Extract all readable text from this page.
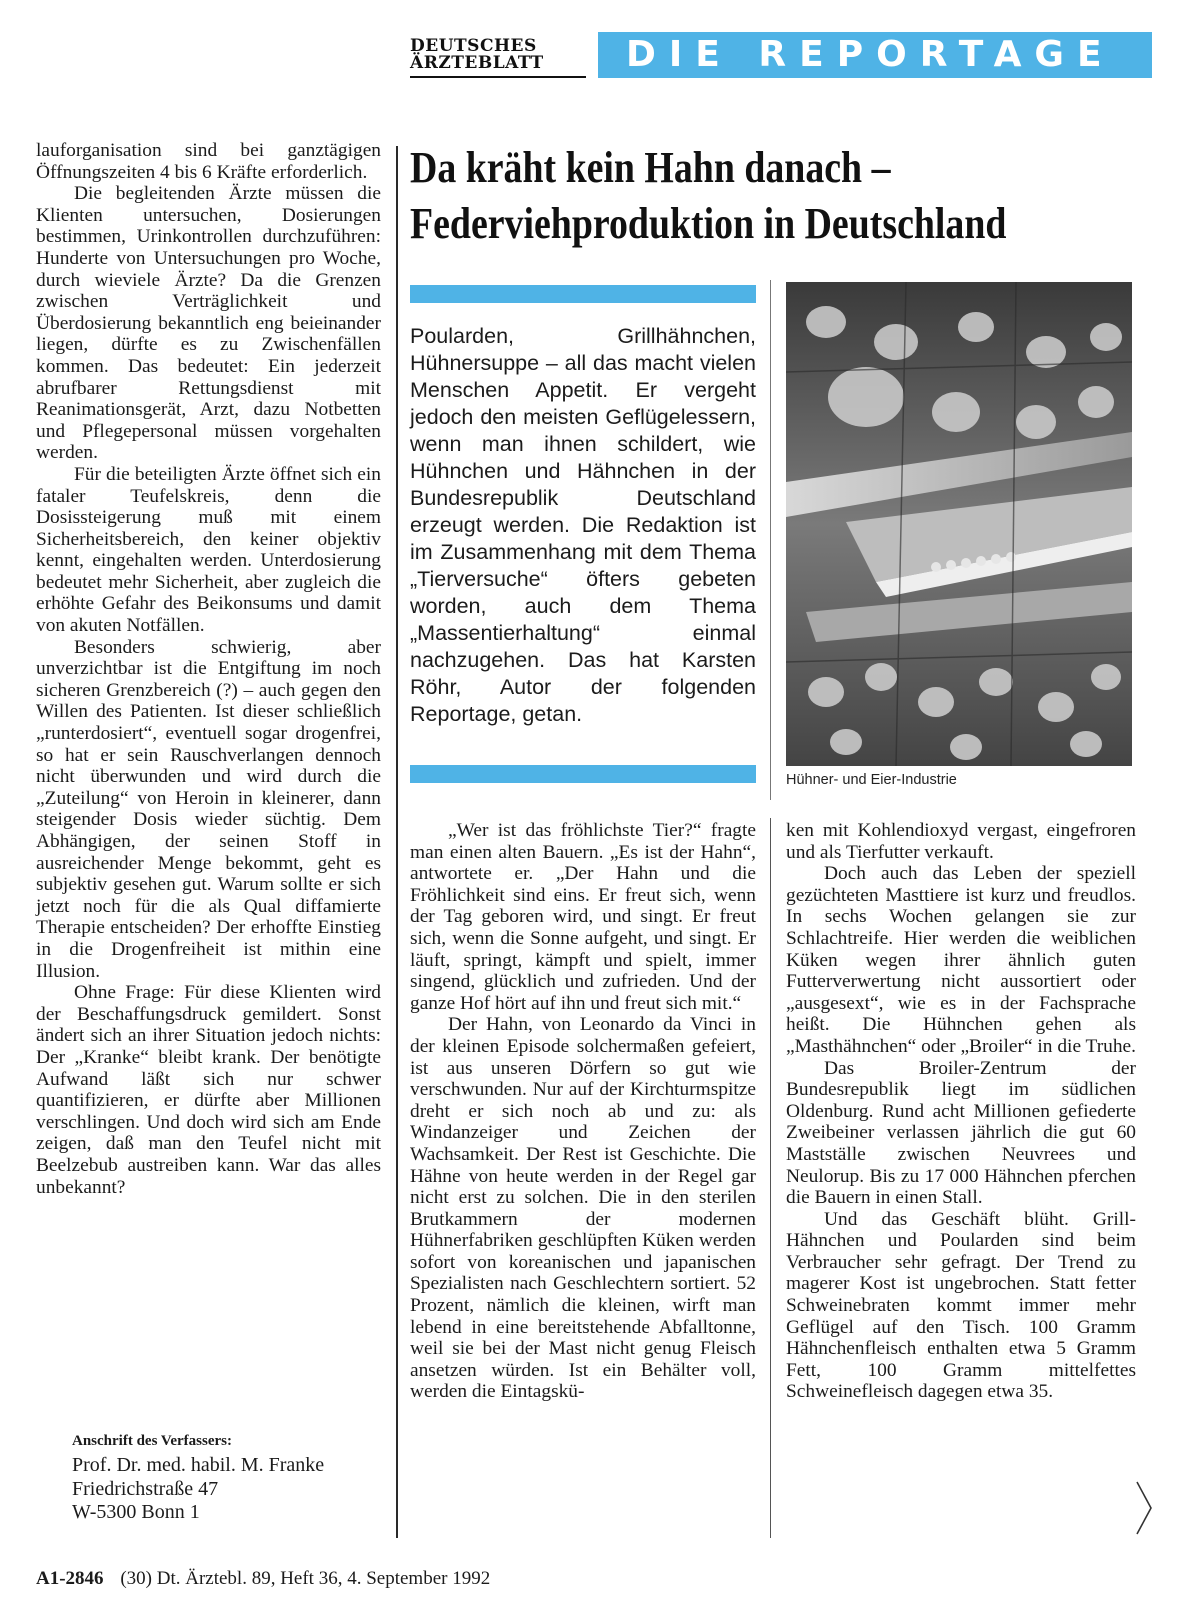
DEUTSCHES
ÄRZTEBLATT	DIE REPORTAGE

lauforganisation sind bei ganztägigen Öffnungszeiten 4 bis 6 Kräfte erforderlich.

Die begleitenden Ärzte müssen die Klienten untersuchen, Dosierungen bestimmen, Urinkontrollen durchzuführen: Hunderte von Untersuchungen pro Woche, durch wieviele Ärzte? Da die Grenzen zwischen Verträglichkeit und Überdosierung bekanntlich eng beieinander liegen, dürfte es zu Zwischenfällen kommen. Das bedeutet: Ein jederzeit abrufbarer Rettungsdienst mit Reanimationsgerät, Arzt, dazu Notbetten und Pflegepersonal müssen vorgehalten werden.

Für die beteiligten Ärzte öffnet sich ein fataler Teufelskreis, denn die Dosissteigerung muß mit einem Sicherheitsbereich, den keiner objektiv kennt, eingehalten werden. Unterdosierung bedeutet mehr Sicherheit, aber zugleich die erhöhte Gefahr des Beikonsums und damit von akuten Notfällen.

Besonders schwierig, aber unverzichtbar ist die Entgiftung im noch sicheren Grenzbereich (?) – auch gegen den Willen des Patienten. Ist dieser schließlich „runterdosiert“, eventuell sogar drogenfrei, so hat er sein Rauschverlangen dennoch nicht überwunden und wird durch die „Zuteilung“ von Heroin in kleinerer, dann steigender Dosis wieder süchtig. Dem Abhängigen, der seinen Stoff in ausreichender Menge bekommt, geht es subjektiv gesehen gut. Warum sollte er sich jetzt noch für die als Qual diffamierte Therapie entscheiden? Der erhoffte Einstieg in die Drogenfreiheit ist mithin eine Illusion.

Ohne Frage: Für diese Klienten wird der Beschaffungsdruck gemildert. Sonst ändert sich an ihrer Situation jedoch nichts: Der „Kranke“ bleibt krank. Der benötigte Aufwand läßt sich nur schwer quantifizieren, er dürfte aber Millionen verschlingen. Und doch wird sich am Ende zeigen, daß man den Teufel nicht mit Beelzebub austreiben kann. War das alles unbekannt?

Anschrift des Verfassers:
Prof. Dr. med. habil. M. Franke
Friedrichstraße 47
W-5300 Bonn 1
Da kräht kein Hahn danach –
Federviehproduktion in Deutschland
Poularden, Grillhähnchen, Hühnersuppe – all das macht vielen Menschen Appetit. Er vergeht jedoch den meisten Geflügelessern, wenn man ihnen schildert, wie Hühnchen und Hähnchen in der Bundesrepublik Deutschland erzeugt werden. Die Redaktion ist im Zusammenhang mit dem Thema „Tierversuche“ öfters gebeten worden, auch dem Thema „Massentierhaltung“ einmal nachzugehen. Das hat Karsten Röhr, Autor der folgenden Reportage, getan.
Hühner- und Eier-Industrie

„Wer ist das fröhlichste Tier?“ fragte man einen alten Bauern. „Es ist der Hahn“, antwortete er. „Der Hahn und die Fröhlichkeit sind eins. Er freut sich, wenn der Tag geboren wird, und singt. Er freut sich, wenn die Sonne aufgeht, und singt. Er läuft, springt, kämpft und spielt, immer singend, glücklich und zufrieden. Und der ganze Hof hört auf ihn und freut sich mit.“

Der Hahn, von Leonardo da Vinci in der kleinen Episode solchermaßen gefeiert, ist aus unseren Dörfern so gut wie verschwunden. Nur auf der Kirchturmspitze dreht er sich noch ab und zu: als Windanzeiger und Zeichen der Wachsamkeit. Der Rest ist Geschichte. Die Hähne von heute werden in der Regel gar nicht erst zu solchen. Die in den sterilen Brutkammern der modernen Hühnerfabriken geschlüpften Küken werden sofort von koreanischen und japanischen Spezialisten nach Geschlechtern sortiert. 52 Prozent, nämlich die kleinen, wirft man lebend in eine bereitstehende Abfalltonne, weil sie bei der Mast nicht genug Fleisch ansetzen würden. Ist ein Behälter voll, werden die Eintagskü-

ken mit Kohlendioxyd vergast, eingefroren und als Tierfutter verkauft.

Doch auch das Leben der speziell gezüchteten Masttiere ist kurz und freudlos. In sechs Wochen gelangen sie zur Schlachtreife. Hier werden die weiblichen Küken wegen ihrer ähnlich guten Futterverwertung nicht aussortiert oder „ausgesext“, wie es in der Fachsprache heißt. Die Hühnchen gehen als „Masthähnchen“ oder „Broiler“ in die Truhe.

Das Broiler-Zentrum der Bundesrepublik liegt im südlichen Oldenburg. Rund acht Millionen gefiederte Zweibeiner verlassen jährlich die gut 60 Mastställe zwischen Neuvrees und Neulorup. Bis zu 17 000 Hähnchen pferchen die Bauern in einen Stall.

Und das Geschäft blüht. Grill-Hähnchen und Poularden sind beim Verbraucher sehr gefragt. Der Trend zu magerer Kost ist ungebrochen. Statt fetter Schweinebraten kommt immer mehr Geflügel auf den Tisch. 100 Gramm Hähnchenfleisch enthalten etwa 5 Gramm Fett, 100 Gramm mittelfettes Schweinefleisch dagegen etwa 35.

A1-2846 (30) Dt. Ärztebl. 89, Heft 36, 4. September 1992
